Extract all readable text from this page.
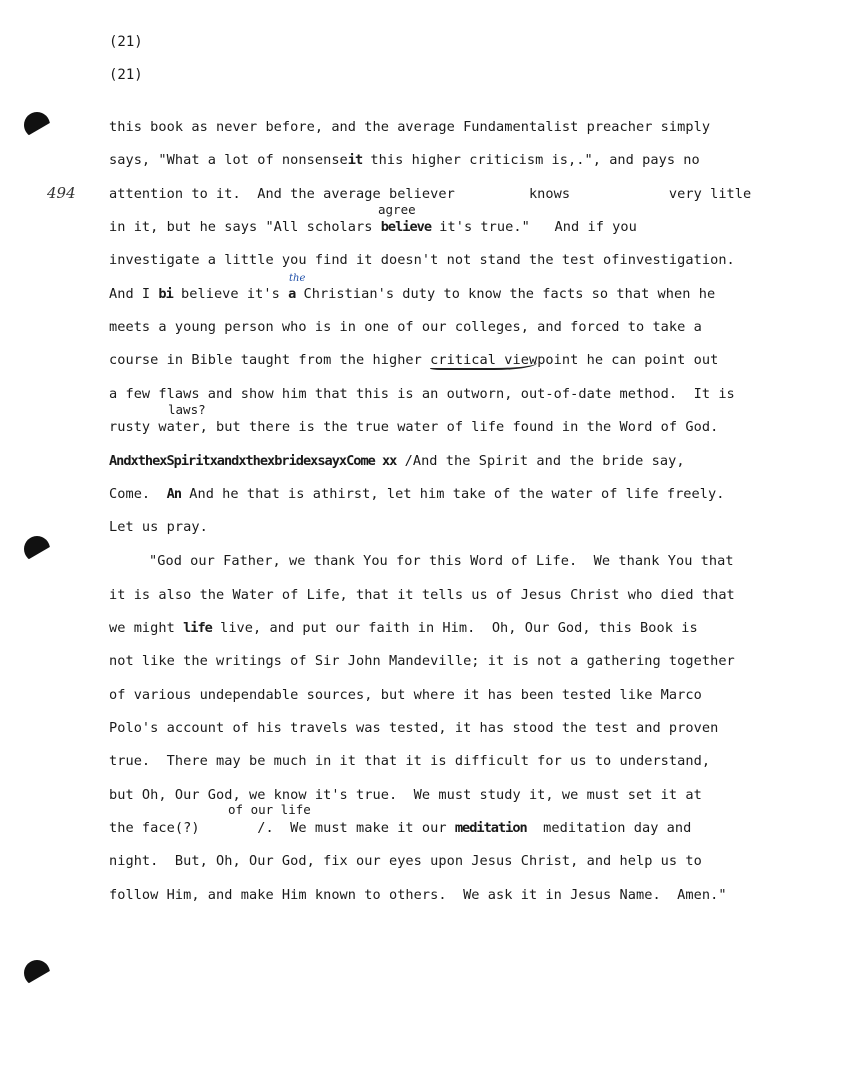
(21)
(21)
494
agree
the
laws?
of our life
this book as never before, and the average Fundamentalist preacher simply
says, "What a lot of nonsenseit this higher criticism is,.", and pays no
attention to it.  And the average believer         knows            very litle
in it, but he says "All scholars believe it's true."   And if you
investigate a little you find it doesn't not stand the test ofinvestigation.
And I bi believe it's a Christian's duty to know the facts so that when he
meets a young person who is in one of our colleges, and forced to take a
course in Bible taught from the higher critical viewpoint he can point out
a few flaws and show him that this is an outworn, out-of-date method.  It is
rusty water, but there is the true water of life found in the Word of God.
AndxthexSpiritxandxthexbridexsayxCome xx /And the Spirit and the bride say,
Come.  An And he that is athirst, let him take of the water of life freely.
Let us pray.
"God our Father, we thank You for this Word of Life.  We thank You that
it is also the Water of Life, that it tells us of Jesus Christ who died that
we might life live, and put our faith in Him.  Oh, Our God, this Book is
not like the writings of Sir John Mandeville; it is not a gathering together
of various undependable sources, but where it has been tested like Marco
Polo's account of his travels was tested, it has stood the test and proven
true.  There may be much in it that it is difficult for us to understand,
but Oh, Our God, we know it's true.  We must study it, we must set it at
the face(?)       /.  We must make it our meditation  meditation day and
night.  But, Oh, Our God, fix our eyes upon Jesus Christ, and help us to
follow Him, and make Him known to others.  We ask it in Jesus Name.  Amen."
